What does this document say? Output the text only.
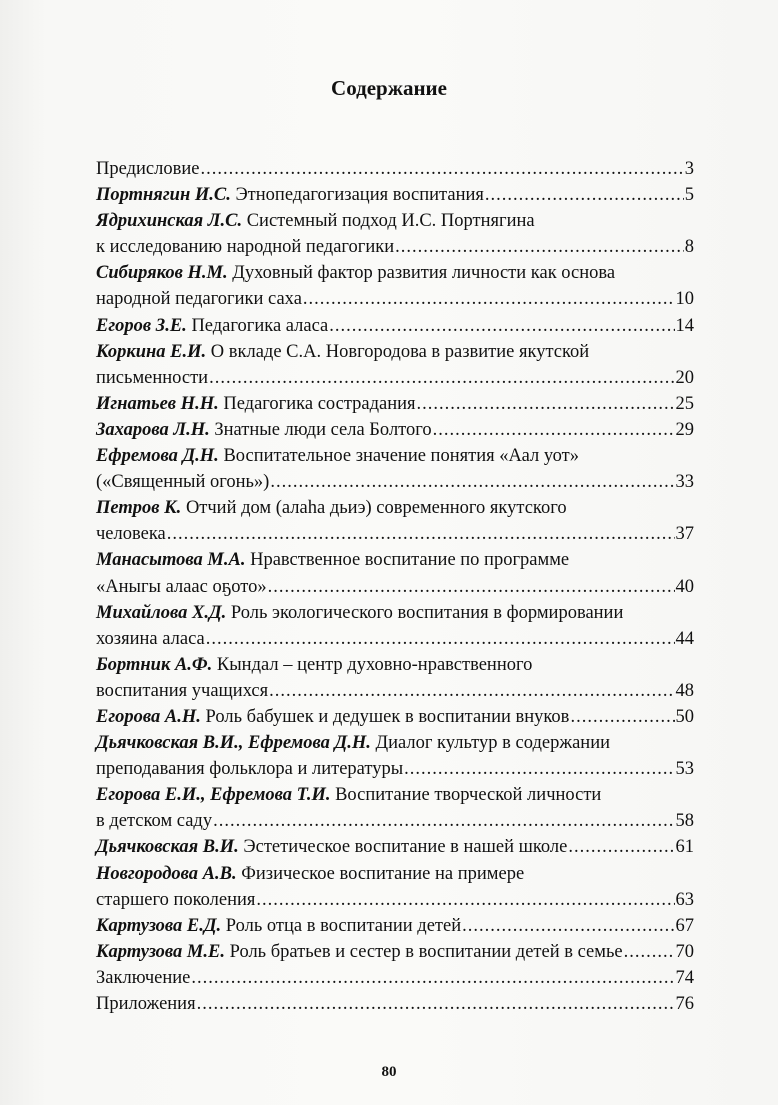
Содержание
Предисловие .....	3
Портнягин И.С. Этнопедагогизация воспитания .....	5
Ядрихинская Л.С. Системный подход И.С. Портнягина
к исследованию народной педагогики .....	8
Сибиряков Н.М. Духовный фактор развития личности как основа
народной педагогики саха .....	10
Егоров З.Е. Педагогика аласа .....	14
Коркина Е.И. О вкладе С.А. Новгородова в развитие якутской
письменности .....	20
Игнатьев Н.Н. Педагогика сострадания .....	25
Захарова Л.Н. Знатные люди села Болтого .....	29
Ефремова Д.Н. Воспитательное значение понятия «Аал уот»
(«Священный огонь») .....	33
Петров К. Отчий дом (алаһа дьиэ) современного якутского
человека .....	37
Манасытова М.А. Нравственное воспитание по программе
«Аныгы алаас оҕото» .....	40
Михайлова Х.Д. Роль экологического воспитания в формировании
хозяина аласа .....	44
Бортник А.Ф. Кындал – центр духовно-нравственного
воспитания учащихся .....	48
Егорова А.Н. Роль бабушек и дедушек в воспитании внуков .....	50
Дьячковская В.И., Ефремова Д.Н. Диалог культур в содержании
преподавания фольклора и литературы .....	53
Егорова Е.И., Ефремова Т.И. Воспитание творческой личности
в детском саду .....	58
Дьячковская В.И. Эстетическое воспитание в нашей школе .....	61
Новгородова А.В. Физическое воспитание на примере
старшего поколения .....	63
Картузова Е.Д. Роль отца в воспитании детей .....	67
Картузова М.Е. Роль братьев и сестер в воспитании детей в семье .....	70
Заключение .....	74
Приложения .....	76
80
